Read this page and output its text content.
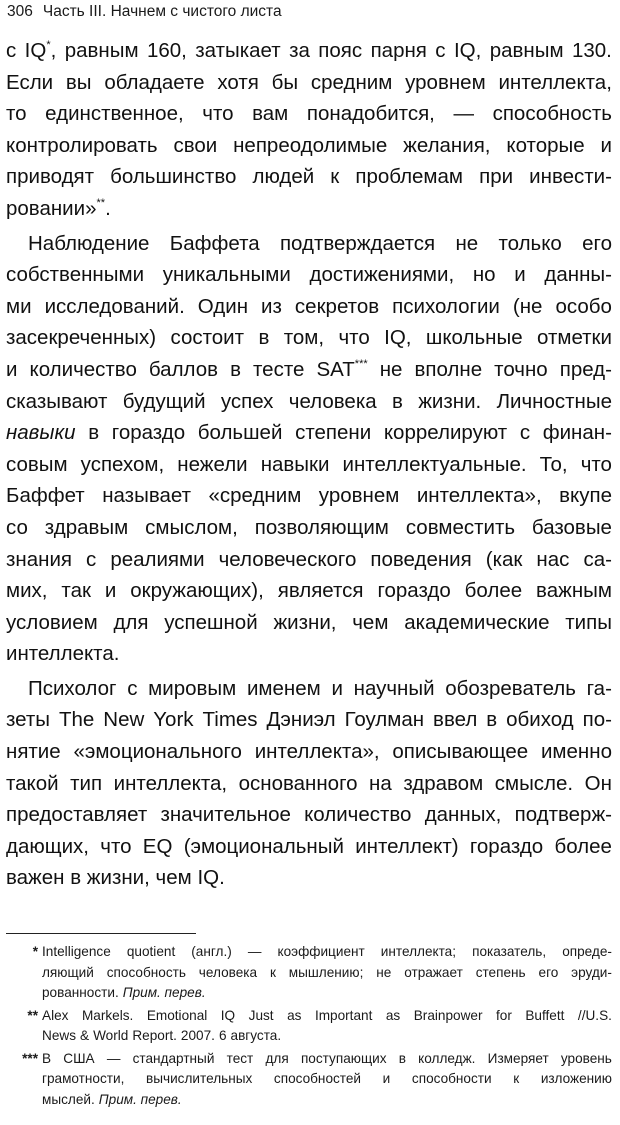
306 Часть III. Начнем с чистого листа
с IQ*, равным 160, затыкает за пояс парня с IQ, равным 130.
Если вы обладаете хотя бы средним уровнем интеллекта,
то единственное, что вам понадобится, — способность
контролировать свои непреодолимые желания, которые и
приводят большинство людей к проблемам при инвести-
ровании»**.
Наблюдение Баффета подтверждается не только его
собственными уникальными достижениями, но и данны-
ми исследований. Один из секретов психологии (не особо
засекреченных) состоит в том, что IQ, школьные отметки
и количество баллов в тесте SAT*** не вполне точно пред-
сказывают будущий успех человека в жизни. Личностные
навыки в гораздо большей степени коррелируют с финан-
совым успехом, нежели навыки интеллектуальные. То, что
Баффет называет «средним уровнем интеллекта», вкупе
со здравым смыслом, позволяющим совместить базовые
знания с реалиями человеческого поведения (как нас са-
мих, так и окружающих), является гораздо более важным
условием для успешной жизни, чем академические типы
интеллекта.
Психолог с мировым именем и научный обозреватель га-
зеты The New York Times Дэниэл Гоулман ввел в обиход по-
нятие «эмоционального интеллекта», описывающее именно
такой тип интеллекта, основанного на здравом смысле. Он
предоставляет значительное количество данных, подтверж-
дающих, что EQ (эмоциональный интеллект) гораздо более
важен
в
жизни,
чем
IQ.
* Intelligence quotient (англ.) — коэффициент интеллекта; показатель, опреде-
ляющий способность человека к мышлению; не отражает степень его эруди-
рованности. Прим. перев.
** Alex Markels. Emotional IQ Just as Important as Brainpower for Buffett //U.S.
News & World Report. 2007. 6 августа.
*** В США — стандартный тест для поступающих в колледж. Измеряет уровень
грамотности, вычислительных способностей и способности к изложению
мыслей. Прим. перев.
